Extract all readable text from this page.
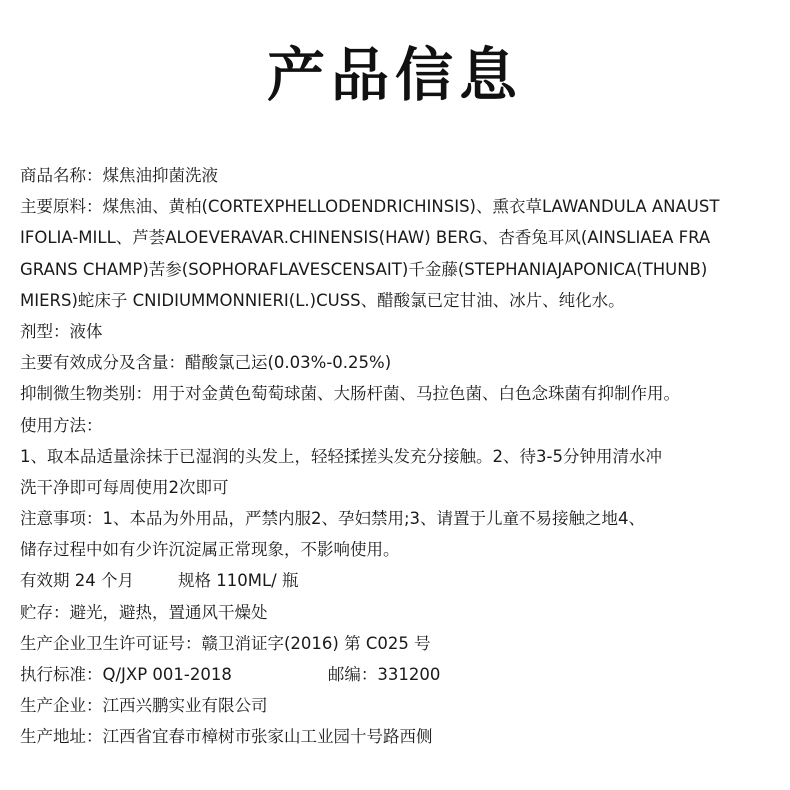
产品信息
商品名称：煤焦油抑菌洗液
主要原料：煤焦油、黄柏(CORTEXPHELLODENDRICHINSIS)、熏衣草LAWANDULA ANAUST
IFOLIA-MILL、芦荟ALOEVERAVAR.CHINENSIS(HAW) BERG、杏香兔耳风(AINSLIAEA FRA
GRANS CHAMP)苦参(SOPHORAFLAVESCENSAIT)千金藤(STEPHANIAJAPONICA(THUNB)
MIERS)蛇床子 CNIDIUMMONNIERI(L.)CUSS、醋酸氯已定甘油、冰片、纯化水。
剂型：液体
主要有效成分及含量：醋酸氯己运(0.03%-0.25%)
抑制微生物类别：用于对金黄色萄萄球菌、大肠杆菌、马拉色菌、白色念珠菌有抑制作用。
使用方法：
1、取本品适量涂抹于已湿润的头发上，轻轻揉搓头发充分接触。2、待3-5分钟用清水冲
洗干净即可每周使用2次即可
注意事项：1、本品为外用品，严禁内服2、孕妇禁用;3、请置于儿童不易接触之地4、
储存过程中如有少许沉淀属正常现象，不影响使用。
有效期 24 个月	规格 110ML/ 瓶
贮存：避光，避热，置通风干燥处
生产企业卫生许可证号：赣卫消证字(2016) 第 C025 号
执行标准：Q/JXP 001-2018	邮编：331200
生产企业：江西兴鹏实业有限公司
生产地址：江西省宜春市樟树市张家山工业园十号路西侧
